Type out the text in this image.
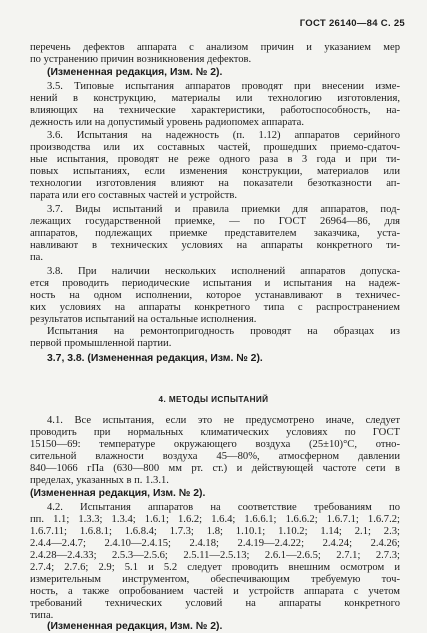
ГОСТ 26140—84 С. 25
перечень дефектов аппарата с анализом причин и указанием мер
по устранению причин возникновения дефектов.
(Измененная редакция, Изм. № 2).
3.5. Типовые испытания аппаратов проводят при внесении изме-
нений в конструкцию, материалы или технологию изготовления,
влияющих на технические характеристики, работоспособность, на-
дежность или на допустимый уровень радиопомех аппарата.
3.6. Испытания на надежность (п. 1.12) аппаратов серийного
производства или их составных частей, прошедших приемо-сдаточ-
ные испытания, проводят не реже одного раза в 3 года и при ти-
повых испытаниях, если изменения конструкции, материалов или
технологии изготовления влияют на показатели безотказности ап-
парата или его составных частей и устройств.
3.7. Виды испытаний и правила приемки для аппаратов, под-
лежащих государственной приемке, — по ГОСТ 26964—86, для
аппаратов, подлежащих приемке представителем заказчика, уста-
навливают в технических условиях на аппараты конкретного ти-
па.
3.8. При наличии нескольких исполнений аппаратов допуска-
ется проводить периодические испытания и испытания на надеж-
ность на одном исполнении, которое устанавливают в техничес-
ких условиях на аппараты конкретного типа с распространением
результатов испытаний на остальные исполнения.
Испытания на ремонтопригодность проводят на образцах из
первой промышленной партии.
3.7, 3.8. (Измененная редакция, Изм. № 2).
4. МЕТОДЫ ИСПЫТАНИЙ
4.1. Все испытания, если это не предусмотрено иначе, следует
проводить при нормальных климатических условиях по ГОСТ
15150—69: температуре окружающего воздуха (25±10)°C, отно-
сительной влажности воздуха 45—80%, атмосферном давлении
840—1066 гПа (630—800 мм рт. ст.) и действующей частоте сети в
пределах, указанных в п. 1.3.1.
(Измененная редакция, Изм. № 2).
4.2. Испытания аппаратов на соответствие требованиям по
пп. 1.1; 1.3.3; 1.3.4; 1.6.1; 1.6.2; 1.6.4; 1.6.6.1; 1.6.6.2; 1.6.7.1; 1.6.7.2;
1.6.7.11; 1.6.8.1; 1.6.8.4; 1.7.3; 1.8; 1.10.1; 1.10.2; 1.14; 2.1; 2.3;
2.4.4—2.4.7; 2.4.10—2.4.15; 2.4.18; 2.4.19—2.4.22; 2.4.24; 2.4.26;
2.4.28—2.4.33; 2.5.3—2.5.6; 2.5.11—2.5.13; 2.6.1—2.6.5; 2.7.1; 2.7.3;
2.7.4; 2.7.6; 2.9; 5.1 и 5.2 следует проводить внешним осмотром и
измерительным инструментом, обеспечивающим требуемую точ-
ность, а также опробованием частей и устройств аппарата с учетом
требований технических условий на аппараты конкретного
типа.
(Измененная редакция, Изм. № 2).
